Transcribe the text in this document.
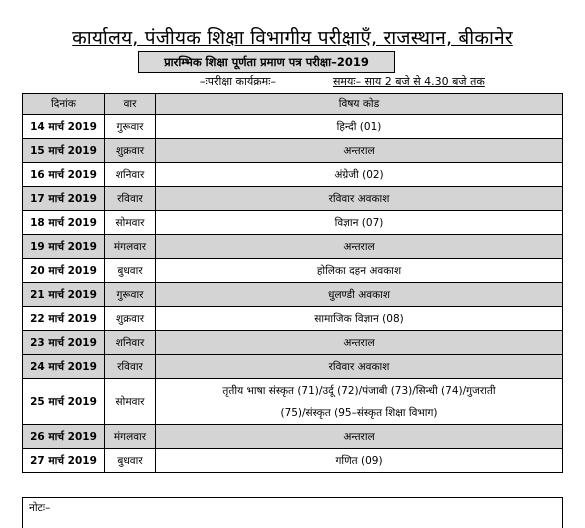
कार्यालय, पंजीयक शिक्षा विभागीय परीक्षाएँ, राजस्थान, बीकानेर
प्रारम्भिक शिक्षा पूर्णता प्रमाण पत्र परीक्षा–2019
–ःपरीक्षा कार्यक्रमः–	समयः– साय 2 बजे से 4.30 बजे तक
दिनांक	वार	विषय कोड
14 मार्च 2019	गुरूवार	हिन्दी (01)
15 मार्च 2019	शुक्रवार	अन्तराल
16 मार्च 2019	शनिवार	अंग्रेजी (02)
17 मार्च 2019	रविवार	रविवार अवकाश
18 मार्च 2019	सोमवार	विज्ञान (07)
19 मार्च 2019	मंगलवार	अन्तराल
20 मार्च 2019	बुधवार	होलिका दहन अवकाश
21 मार्च 2019	गुरूवार	धुलण्डी अवकाश
22 मार्च 2019	शुक्रवार	सामाजिक विज्ञान (08)
23 मार्च 2019	शनिवार	अन्तराल
24 मार्च 2019	रविवार	रविवार अवकाश
25 मार्च 2019	सोमवार	तृतीय भाषा संस्कृत (71)/उर्दू (72)/पंजाबी (73)/सिन्धी (74)/गुजराती
(75)/संस्कृत (95–संस्कृत शिक्षा विभाग)

26 मार्च 2019	मंगलवार	अन्तराल
27 मार्च 2019	बुधवार	गणित (09)
नोटः–
